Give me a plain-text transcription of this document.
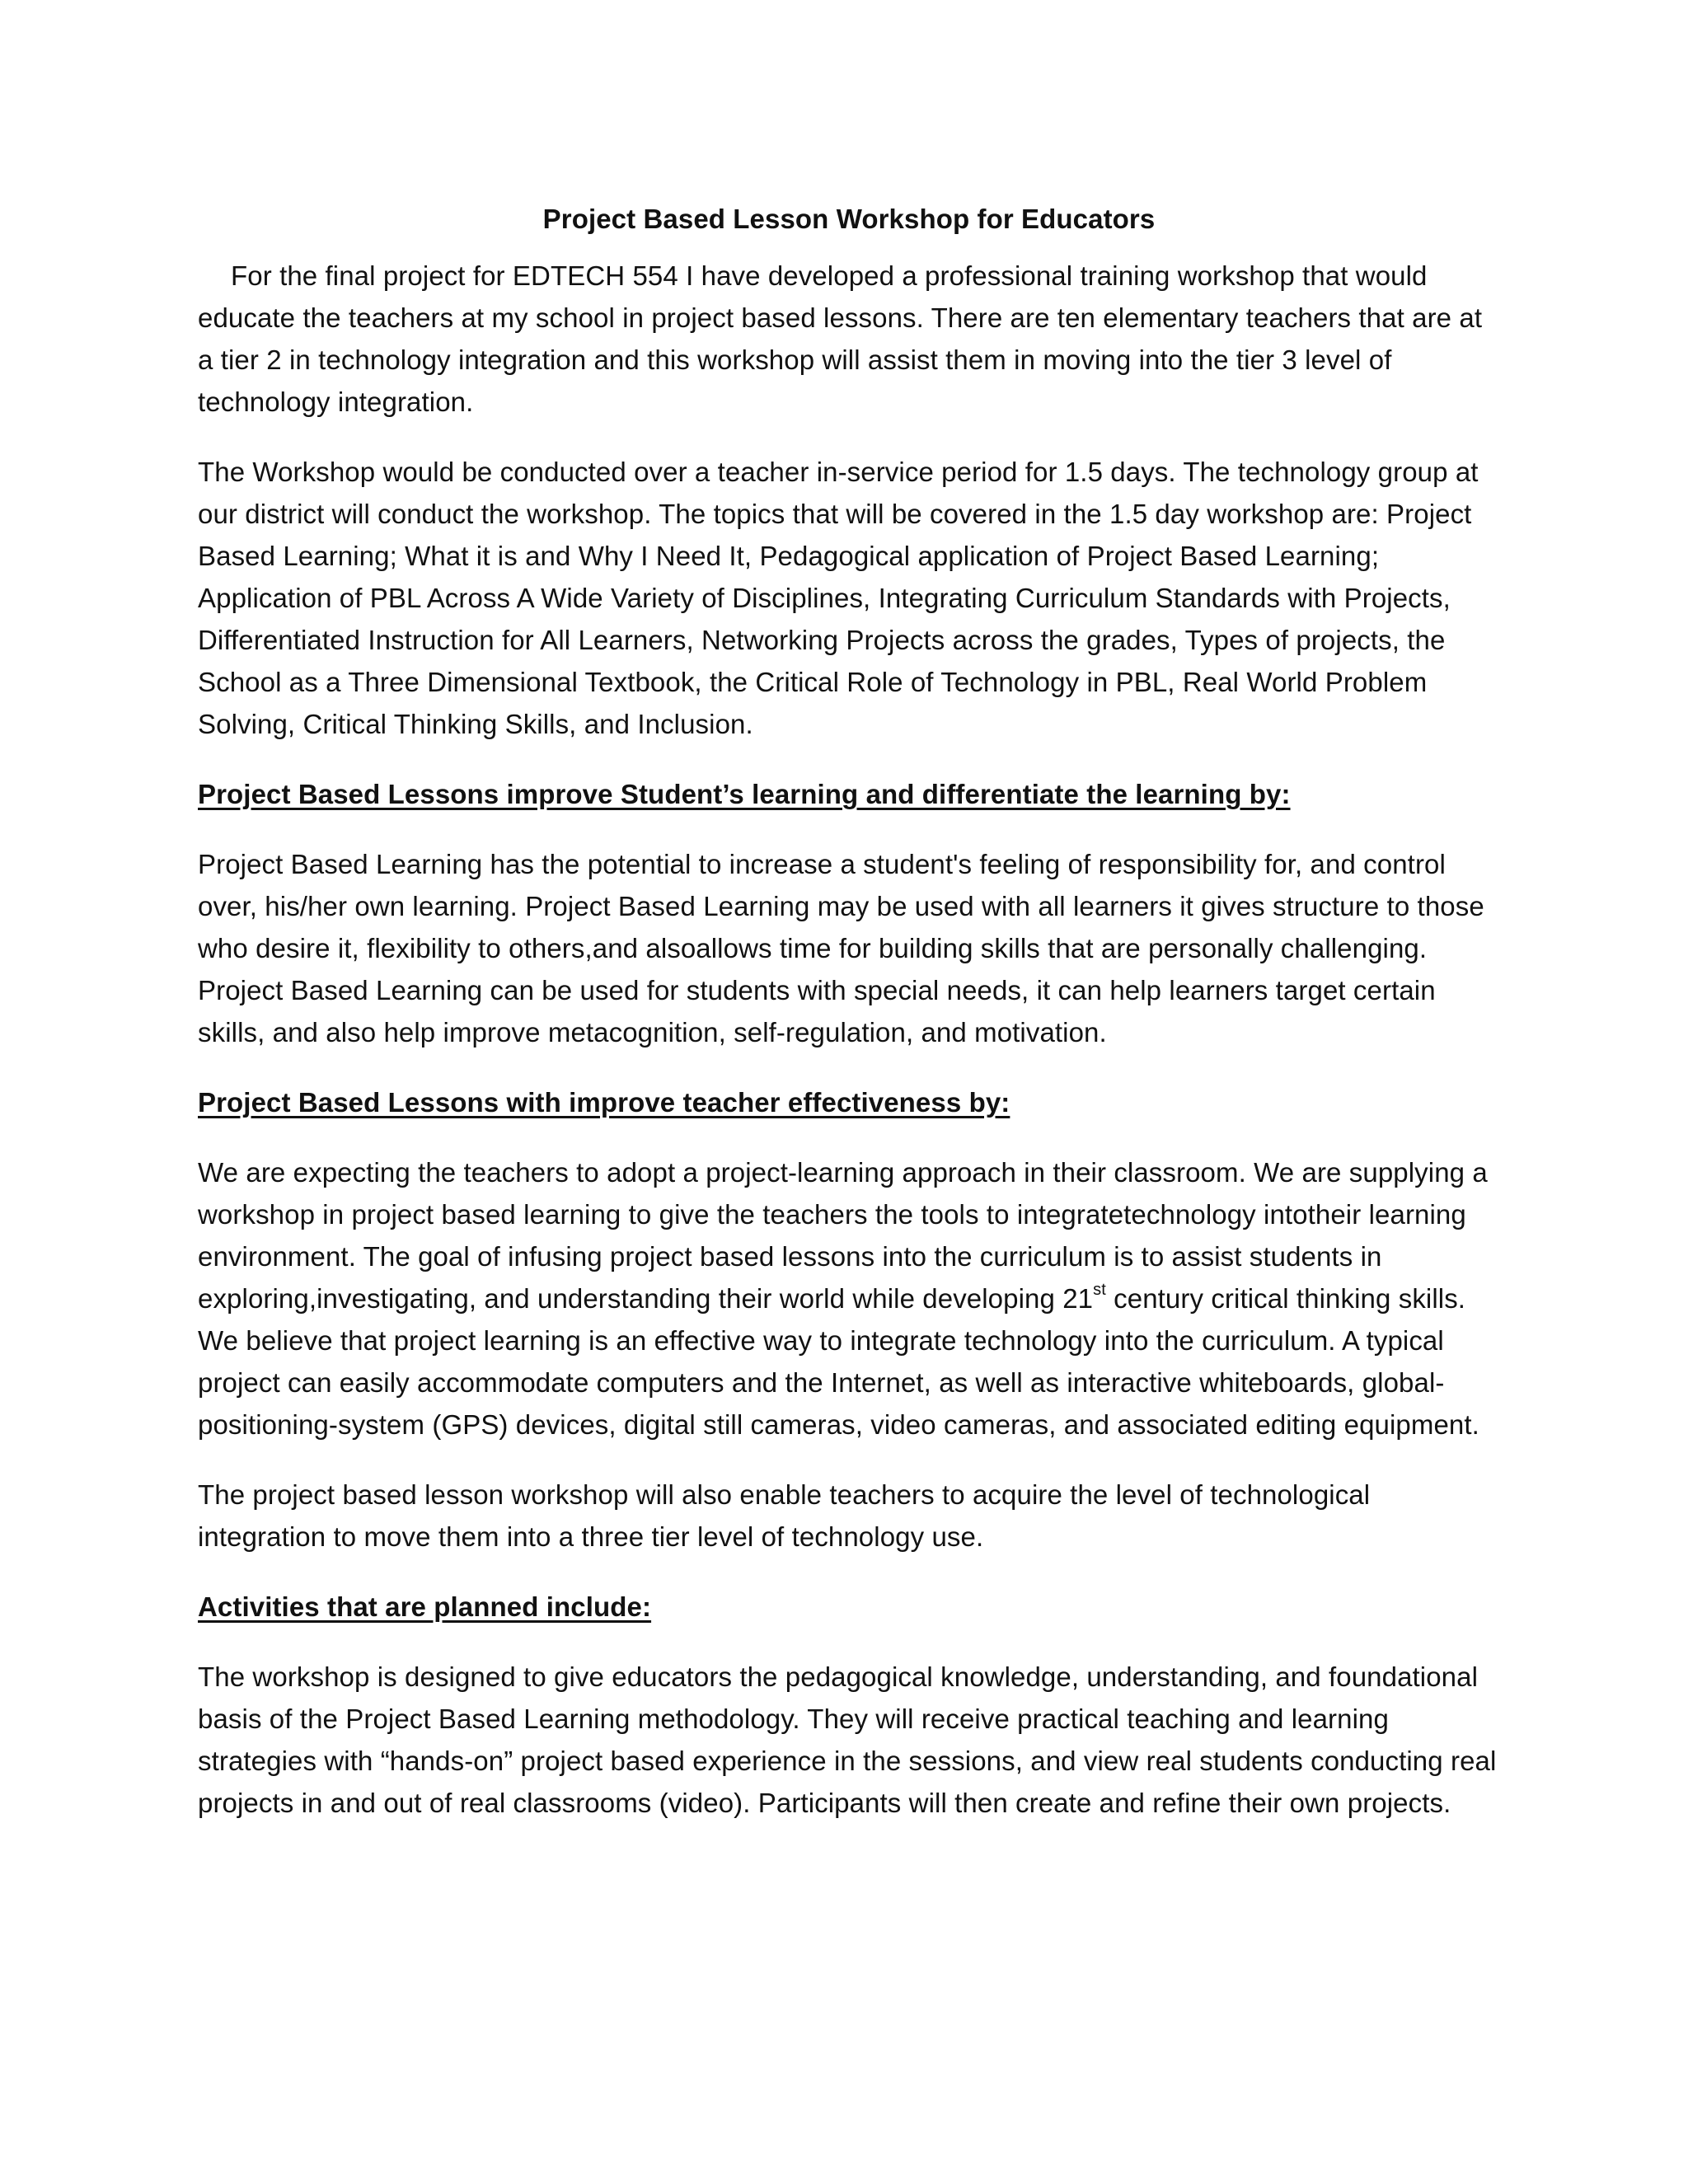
Project Based Lesson Workshop for Educators

For the final project for EDTECH 554 I have developed a professional training workshop that would educate the teachers at my school in project based lessons. There are ten elementary teachers that are at a tier 2 in technology integration and this workshop will assist them in moving into the tier 3 level of technology integration.

The Workshop would be conducted over a teacher in-service period for 1.5 days. The technology group at our district will conduct the workshop. The topics that will be covered in the 1.5 day workshop are: Project Based Learning; What it is and Why I Need It, Pedagogical application of Project Based Learning; Application of PBL Across A Wide Variety of Disciplines, Integrating Curriculum Standards with Projects, Differentiated Instruction for All Learners, Networking Projects across the grades, Types of projects, the School as a Three Dimensional Textbook, the Critical Role of Technology in PBL, Real World Problem Solving, Critical Thinking Skills, and Inclusion.

Project Based Lessons improve Student’s learning and differentiate the learning by:

Project Based Learning has the potential to increase a student's feeling of responsibility for, and control over, his/her own learning. Project Based Learning may be used with all learners it gives structure to those who desire it, flexibility to others,and alsoallows time for building skills that are personally challenging. Project Based Learning can be used for students with special needs, it can help learners target certain skills, and also help improve metacognition, self-regulation, and motivation.

Project Based Lessons with improve teacher effectiveness by:

We are expecting the teachers to adopt a project-learning approach in their classroom. We are supplying a workshop in project based learning to give the teachers the tools to integratetechnology intotheir learning environment. The goal of infusing project based lessons into the curriculum is to assist students in exploring,investigating, and understanding their world while developing 21st century critical thinking skills. We believe that project learning is an effective way to integrate technology into the curriculum. A typical project can easily accommodate computers and the Internet, as well as interactive whiteboards, global-positioning-system (GPS) devices, digital still cameras, video cameras, and associated editing equipment.

The project based lesson workshop will also enable teachers to acquire the level of technological integration to move them into a three tier level of technology use.

Activities that are planned include:

The workshop is designed to give educators the pedagogical knowledge, understanding, and foundational basis of the Project Based Learning methodology. They will receive practical teaching and learning strategies with “hands-on” project based experience in the sessions, and view real students conducting real projects in and out of real classrooms (video). Participants will then create and refine their own projects.
